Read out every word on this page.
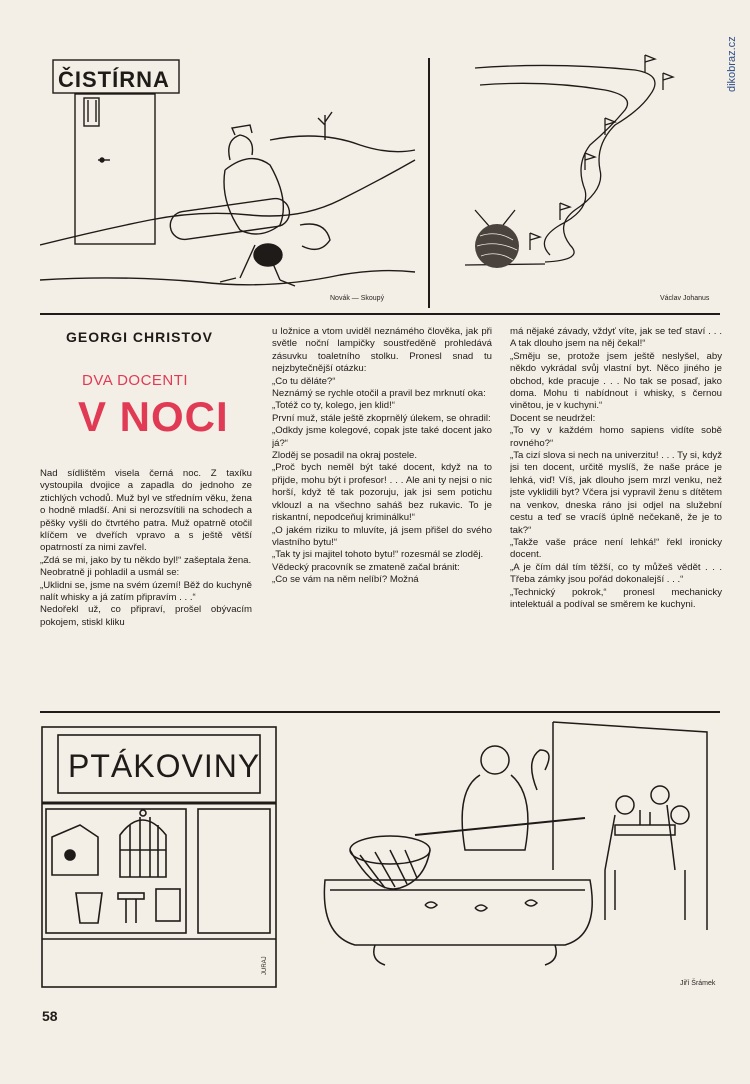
dikobraz.cz
ČISTÍRNA
Novák — Skoupý	Václav Johanus
GEORGI CHRISTOV
DVA DOCENTI
V NOCI
Nad sídlištěm visela černá noc. Z taxíku vystoupila dvojice a zapadla do jednoho ze ztichlých vchodů. Muž byl ve středním věku, žena o hodně mladší. Ani si nerozsvítili na schodech a pěšky vyšli do čtvrtého patra. Muž opatrně otočil klíčem ve dveřích vpravo a s ještě větší opatrností za nimi zavřel.
„Zdá se mi, jako by tu někdo byl!“ zašeptala žena.
Neobratně ji pohladil a usmál se:
„Uklidni se, jsme na svém území! Běž do kuchyně nalít whisky a já zatím připravím . . .“
Nedořekl už, co připraví, prošel obývacím pokojem, stiskl kliku
u ložnice a vtom uviděl neznámého člověka, jak při světle noční lampičky soustředěně prohledává zásuvku toaletního stolku. Pronesl snad tu nejzbytečnější otázku:
„Co tu děláte?“
Neznámý se rychle otočil a pravil bez mrknutí oka:
„Totéž co ty, kolego, jen klid!“
První muž, stále ještě zkoprnělý úlekem, se ohradil:
„Odkdy jsme kolegové, copak jste také docent jako já?“
Zloděj se posadil na okraj postele.
„Proč bych neměl být také docent, když na to přijde, mohu být i profesor! . . . Ale ani ty nejsi o nic horší, když tě tak pozoruju, jak jsi sem potichu vklouzl a na všechno saháš bez rukavic. To je riskantní, nepodceňuj kriminálku!“
„O jakém riziku to mluvíte, já jsem přišel do svého vlastního bytu!“
„Tak ty jsi majitel tohoto bytu!“ rozesmál se zloděj.
Vědecký pracovník se zmateně začal bránit:
„Co se vám na něm nelíbí? Možná
má nějaké závady, vždyť víte, jak se teď staví . . . A tak dlouho jsem na něj čekal!“
„Směju se, protože jsem ještě neslyšel, aby někdo vykrádal svůj vlastní byt. Něco jiného je obchod, kde pracuje . . . No tak se posaď, jako doma. Mohu ti nabídnout i whisky, s černou vinětou, je v kuchyni.“
Docent se neudržel:
„To vy v každém homo sapiens vidíte sobě rovného?“
„Ta cizí slova si nech na univerzitu! . . . Ty si, když jsi ten docent, určitě myslíš, že naše práce je lehká, viď! Víš, jak dlouho jsem mrzl venku, než jste vyklidili byt? Včera jsi vypravil ženu s dítětem na venkov, dneska ráno jsi odjel na služební cestu a teď se vracíš úplně nečekaně, že je to tak?“
„Takže vaše práce není lehká!“ řekl ironicky docent.
„A je čím dál tím těžší, co ty můžeš vědět . . . Třeba zámky jsou pořád dokonalejší . . .“
„Technický pokrok,“ pronesl mechanicky intelektuál a podíval se směrem ke kuchyni.
PTÁKOVINY
JURAJ
Jiří Šrámek
58
